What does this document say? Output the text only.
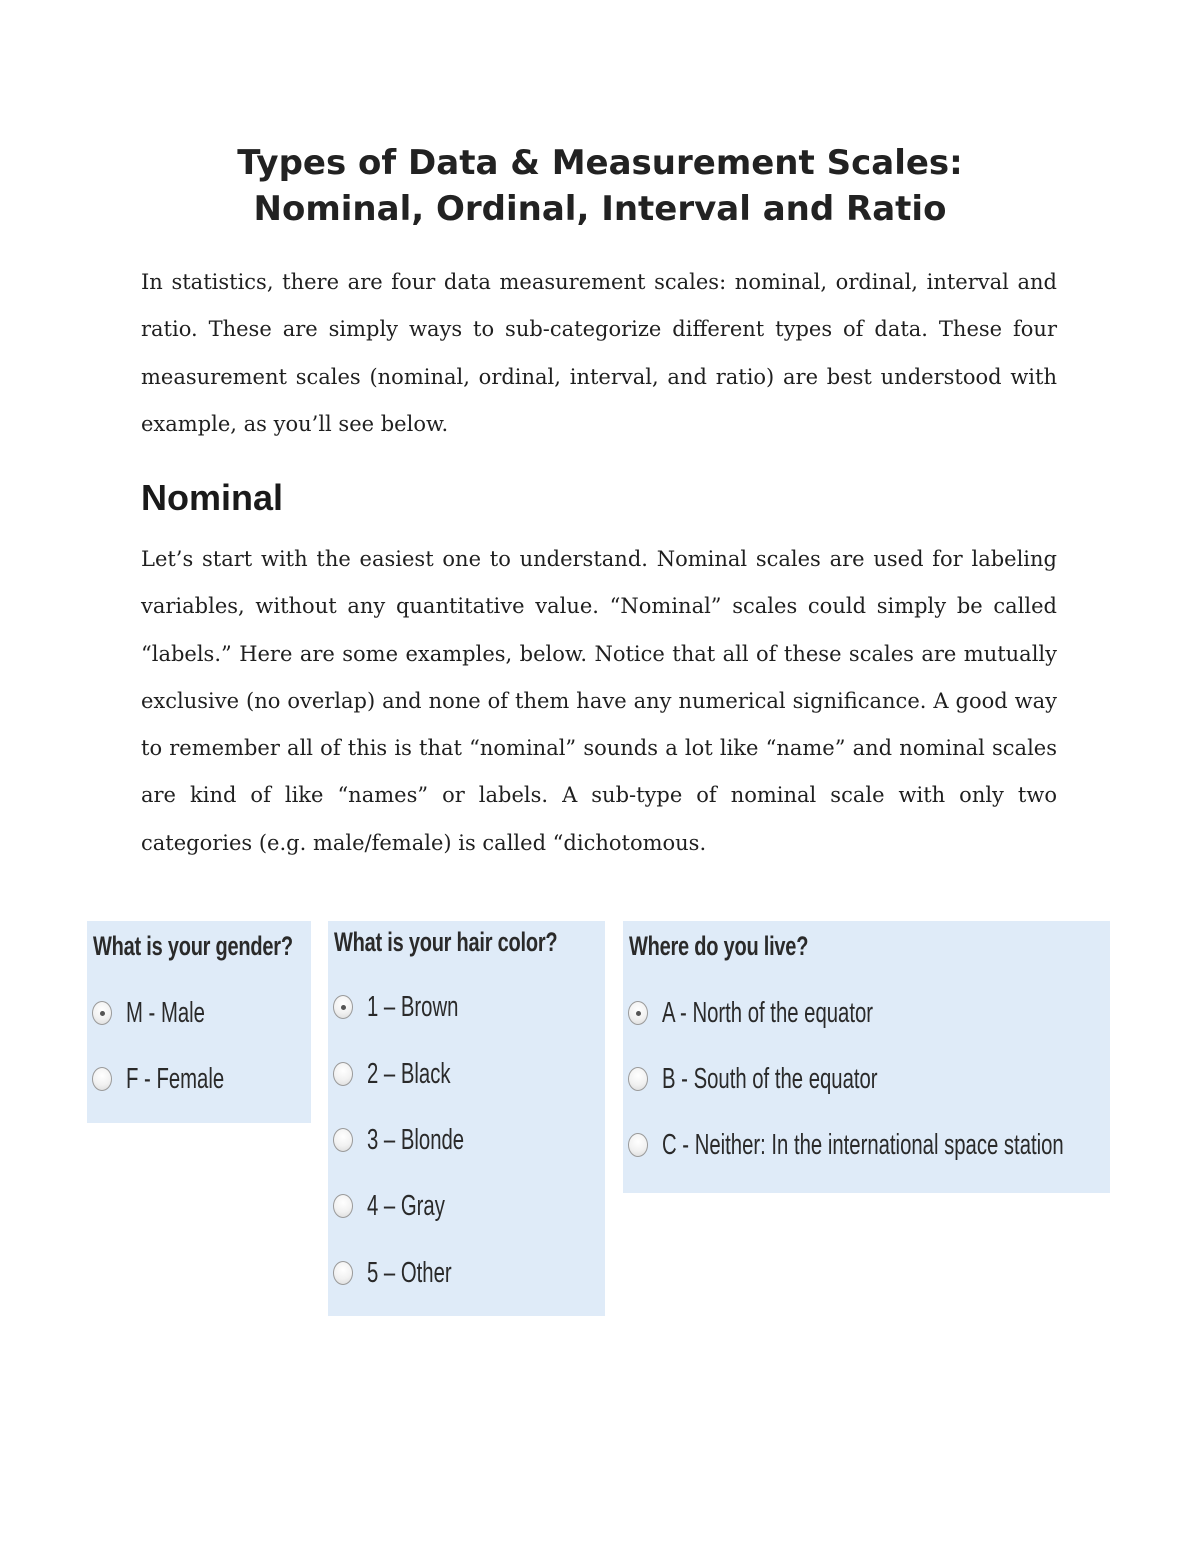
Types of Data & Measurement Scales:
Nominal, Ordinal, Interval and Ratio

In statistics, there are four data measurement scales: nominal, ordinal, interval and ratio. These are simply ways to sub-categorize different types of data. These four measurement scales (nominal, ordinal, interval, and ratio) are best understood with example, as you’ll see below.

Nominal

Let’s start with the easiest one to understand. Nominal scales are used for labeling variables, without any quantitative value. “Nominal” scales could simply be called “labels.” Here are some examples, below. Notice that all of these scales are mutually exclusive (no overlap) and none of them have any numerical significance. A good way to remember all of this is that “nominal” sounds a lot like “name” and nominal scales are kind of like “names” or labels. A sub-type of nominal scale with only two categories (e.g. male/female) is called “dichotomous.

What is your gender?
M - Male
F - Female
What is your hair color?
1 – Brown
2 – Black
3 – Blonde
4 – Gray
5 – Other
Where do you live?
A - North of the equator
B - South of the equator
C - Neither: In the international space station
